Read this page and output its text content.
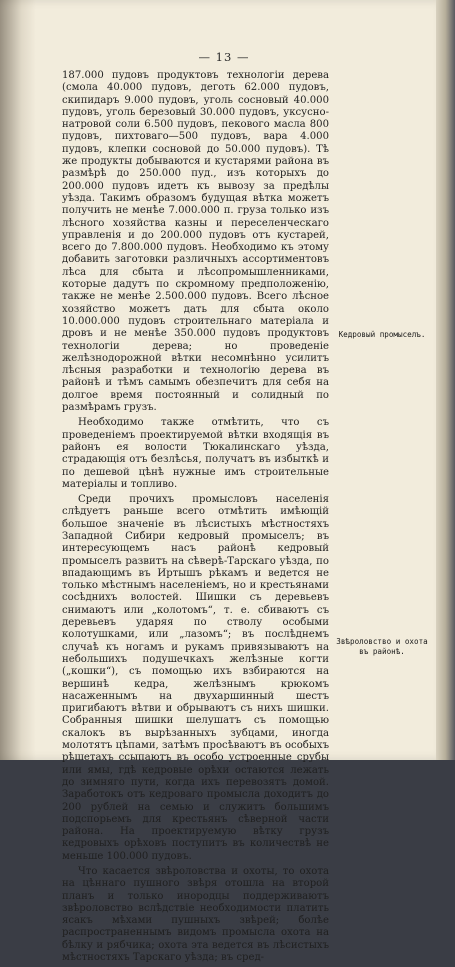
— 13 —

187.000 пудовъ продуктовъ технологiи дерева (смола 40.000 пудовъ, деготь 62.000 пудовъ, скипидаръ 9.000 пудовъ, уголь сосновый 40.000 пудовъ, уголь березовый 30.000 пудовъ, уксусно-натровой соли 6.500 пудовъ, пекового масла 800 пудовъ, пихтоваго—500 пудовъ, вара 4.000 пудовъ, клепки сосновой до 50.000 пудовъ). Тѣ же продукты добываются и кустарями района въ размѣрѣ до 250.000 пуд., изъ которыхъ до 200.000 пудовъ идетъ къ вывозу за предѣлы уѣзда. Такимъ образомъ будущая вѣтка можетъ получить не менѣе 7.000.000 п. груза только изъ лѣсного хозяйства казны и переселенческаго управленія и до 200.000 пудовъ отъ кустарей, всего до 7.800.000 пудовъ. Необходимо къ этому добавить заготовки различныхъ ассортиментовъ лѣса для сбыта и лѣсопромышленниками, которые дадутъ по скромному предположенію, также не менѣе 2.500.000 пудовъ. Всего лѣсное хозяйство можетъ дать для сбыта около 10.000.000 пудовъ строительнаго матеріала и дровъ и не менѣе 350.000 пудовъ продуктовъ технологiи дерева; но проведеніе желѣзнодорожной вѣтки несомнѣнно усилитъ лѣсныя разработки и технологiю дерева въ районѣ и тѣмъ самымъ обезпечитъ для себя на долгое время постоянный и солидный по размѣрамъ грузъ.

Необходимо также отмѣтить, что съ проведеніемъ проектируемой вѣтки входящія въ районъ ея волости Тюкалинскаго уѣзда, страдающія отъ безлѣсья, получатъ въ избыткѣ и по дешевой цѣнѣ нужные имъ строительные матеріалы и топливо.

Среди прочихъ промысловъ населенія слѣдуетъ раньше всего отмѣтить имѣющій большое значеніе въ лѣсистыхъ мѣстностяхъ Западной Сибири кедровый промыселъ; въ интересующемъ насъ районѣ кедровый промыселъ развитъ на сѣверѣ-Тарскаго уѣзда, по впадающимъ въ Иртышъ рѣкамъ и ведется не только мѣстнымъ населеніемъ, но и крестьянами сосѣднихъ волостей. Шишки съ деревьевъ снимаютъ или „колотомъ“, т. е. сбиваютъ съ деревьевъ ударяя по стволу особыми колотушками, или „лазомъ“; въ послѣднемъ случаѣ къ ногамъ и рукамъ привязываютъ на небольшихъ подушечкахъ желѣзные когти („кошки“), съ помощью ихъ взбираются на вершинѣ кедра, желѣзнымъ крюкомъ насаженнымъ на двухаршинный шестъ пригибаютъ вѣтви и обрываютъ съ нихъ шишки. Собранныя шишки шелушатъ съ помощью скалокъ въ вырѣзанныхъ зубцами, иногда молотятъ цѣпами, затѣмъ просѣваютъ въ особыхъ рѣшетахъ ссыпаютъ въ особо устроенные срубы или ямы, гдѣ кедровые орѣхи остаются лежать до зимняго пути, когда ихъ перевозятъ домой. Заработокъ отъ кедроваго промысла доходитъ до 200 рублей на семью и служитъ большимъ подспорьемъ для крестьянъ сѣверной части района. На проектируемую вѣтку грузъ кедровыхъ орѣховъ поступитъ въ количествѣ не меньше 100.000 пудовъ.

Что касается звѣроловства и охоты, то охота на цѣннаго пушного звѣря отошла на второй планъ и только инородцы поддерживаютъ звѣроловство вслѣдствіе необходимости платить ясакъ мѣхами пушныхъ звѣрей; болѣе распространеннымъ видомъ промысла охота на бѣлку и рябчика; охота эта ведется въ лѣсистыхъ мѣстностяхъ Тарскаго уѣзда; въ сред-

Кедровый промыселъ.
Звѣроловство и охота въ районѣ.
